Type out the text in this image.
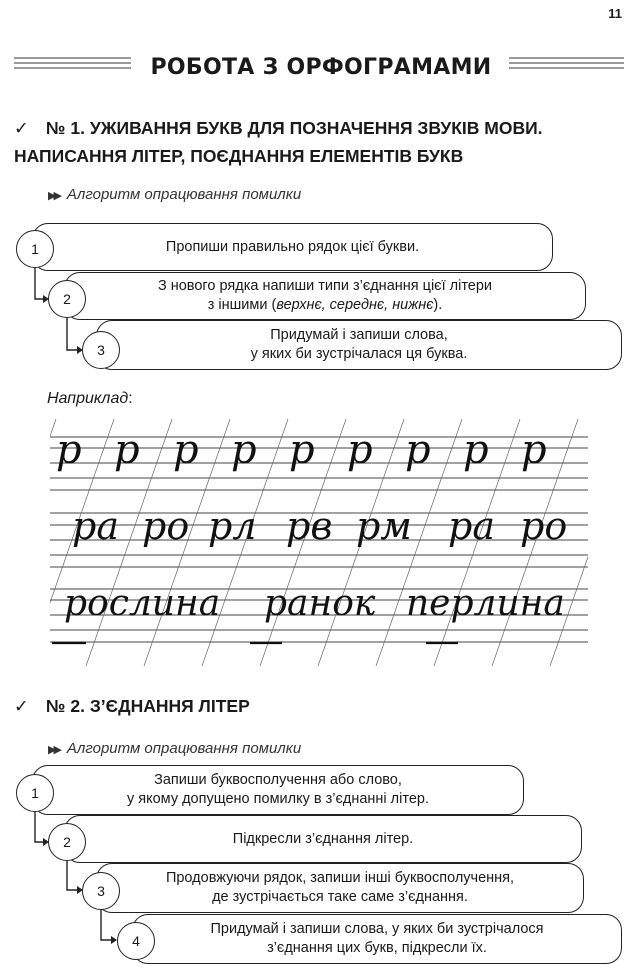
11
РОБОТА З ОРФОГРАМАМИ
✓ № 1. УЖИВАННЯ БУКВ ДЛЯ ПОЗНАЧЕННЯ ЗВУКІВ МОВИ.
НАПИСАННЯ ЛІТЕР, ПОЄДНАННЯ ЕЛЕМЕНТІВ БУКВ
▶▶ Алгоритм опрацювання помилки
Пропиши правильно рядок цієї букви.
1
З нового рядка напиши типи з’єднання цієї літери
з іншими (верхнє, середнє, нижнє).
2
Придумай і запиши слова,
у яких би зустрічалася ця буква.
3
Наприклад:
р р р р р р р р р
ра ро рл рв рм ра ро
рослина ранок перлина
✓ № 2. З’ЄДНАННЯ ЛІТЕР
▶▶ Алгоритм опрацювання помилки
Запиши буквосполучення або слово,
у якому допущено помилку в з’єднанні літер.
1
Підкресли з’єднання літер.
2
Продовжуючи рядок, запиши інші буквосполучення,
де зустрічається таке саме з’єднання.
3
Придумай і запиши слова, у яких би зустрічалося
з’єднання цих букв, підкресли їх.
4
